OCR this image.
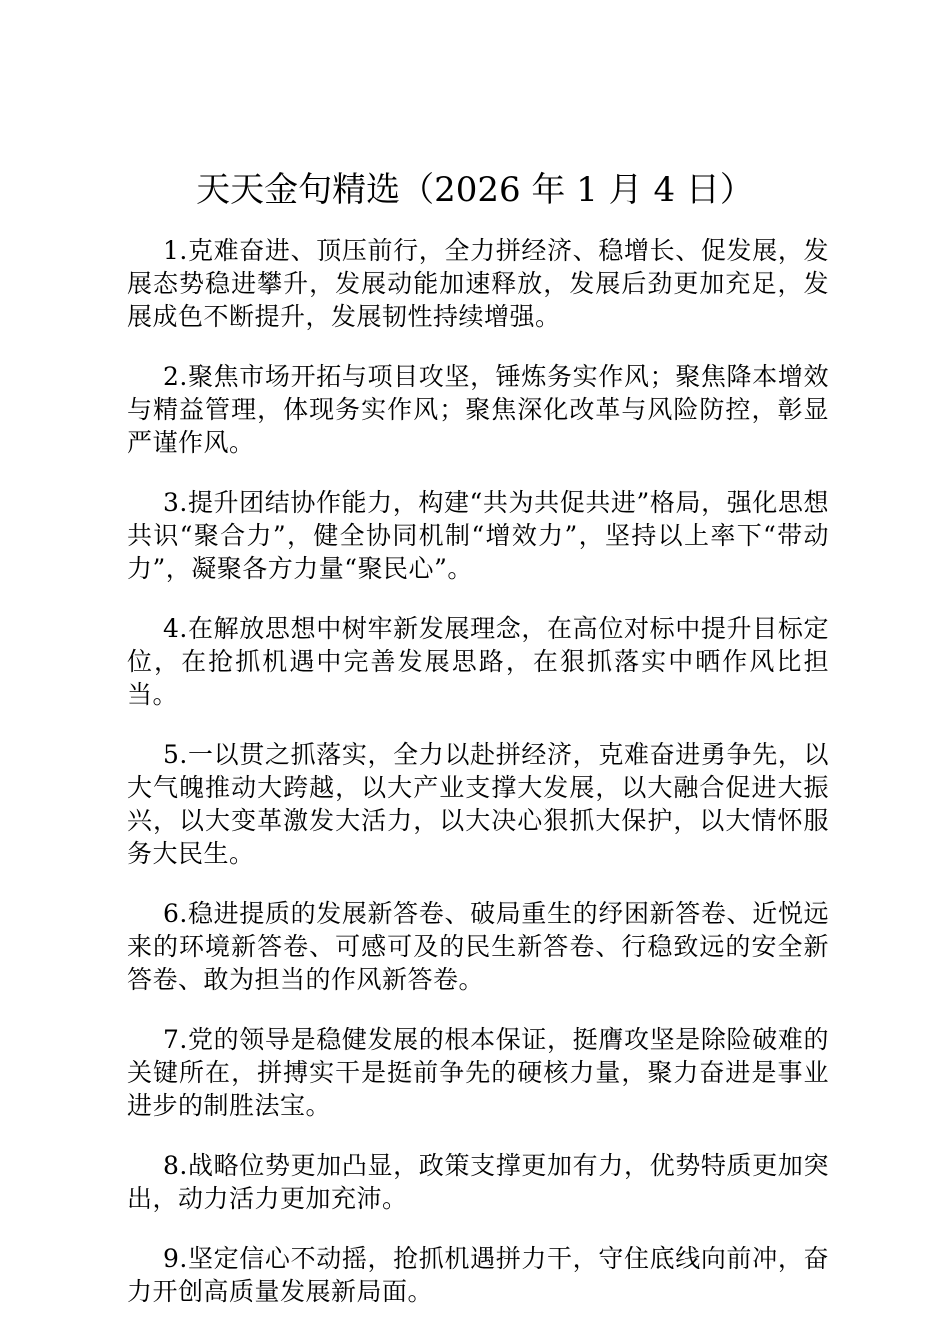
天天金句精选（2026 年 1 月 4 日）

1.克难奋进、顶压前行，全力拼经济、稳增长、促发展，发展态势稳进攀升，发展动能加速释放，发展后劲更加充足，发展成色不断提升，发展韧性持续增强。

2.聚焦市场开拓与项目攻坚，锤炼务实作风；聚焦降本增效与精益管理，体现务实作风；聚焦深化改革与风险防控，彰显严谨作风。

3.提升团结协作能力，构建“共为共促共进”格局，强化思想共识“聚合力”，健全协同机制“增效力”，坚持以上率下“带动力”，凝聚各方力量“聚民心”。

4.在解放思想中树牢新发展理念，在高位对标中提升目标定位，在抢抓机遇中完善发展思路，在狠抓落实中晒作风比担当。

5.一以贯之抓落实，全力以赴拼经济，克难奋进勇争先，以大气魄推动大跨越，以大产业支撑大发展，以大融合促进大振兴，以大变革激发大活力，以大决心狠抓大保护，以大情怀服务大民生。

6.稳进提质的发展新答卷、破局重生的纾困新答卷、近悦远来的环境新答卷、可感可及的民生新答卷、行稳致远的安全新答卷、敢为担当的作风新答卷。

7.党的领导是稳健发展的根本保证，挺膺攻坚是除险破难的关键所在，拼搏实干是挺前争先的硬核力量，聚力奋进是事业进步的制胜法宝。

8.战略位势更加凸显，政策支撑更加有力，优势特质更加突出，动力活力更加充沛。

9.坚定信心不动摇，抢抓机遇拼力干，守住底线向前冲，奋力开创高质量发展新局面。
